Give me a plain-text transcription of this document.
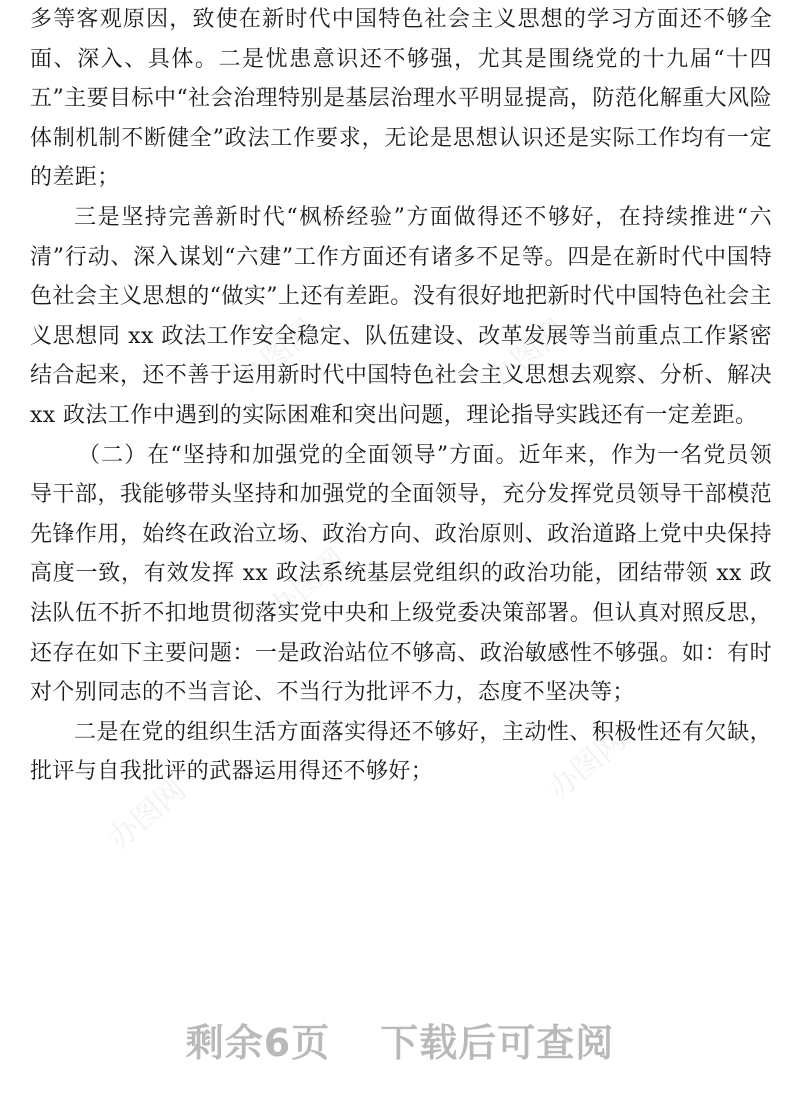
多等客观原因，致使在新时代中国特色社会主义思想的学习方面还不够全面、深入、具体。二是忧患意识还不够强，尤其是围绕党的十九届“十四五”主要目标中“社会治理特别是基层治理水平明显提高，防范化解重大风险体制机制不断健全”政法工作要求，无论是思想认识还是实际工作均有一定的差距；

三是坚持完善新时代“枫桥经验”方面做得还不够好，在持续推进“六清”行动、深入谋划“六建”工作方面还有诸多不足等。四是在新时代中国特色社会主义思想的“做实”上还有差距。没有很好地把新时代中国特色社会主义思想同 xx 政法工作安全稳定、队伍建设、改革发展等当前重点工作紧密结合起来，还不善于运用新时代中国特色社会主义思想去观察、分析、解决 xx 政法工作中遇到的实际困难和突出问题，理论指导实践还有一定差距。

（二）在“坚持和加强党的全面领导”方面。近年来，作为一名党员领导干部，我能够带头坚持和加强党的全面领导，充分发挥党员领导干部模范先锋作用，始终在政治立场、政治方向、政治原则、政治道路上党中央保持高度一致，有效发挥 xx 政法系统基层党组织的政治功能，团结带领 xx 政法队伍不折不扣地贯彻落实党中央和上级党委决策部署。但认真对照反思，还存在如下主要问题：一是政治站位不够高、政治敏感性不够强。如：有时对个别同志的不当言论、不当行为批评不力，态度不坚决等；

二是在党的组织生活方面落实得还不够好，主动性、积极性还有欠缺，批评与自我批评的武器运用得还不够好；

办图网	办图网
办图网
办图网
办图网
剩余6页 下载后可查阅
